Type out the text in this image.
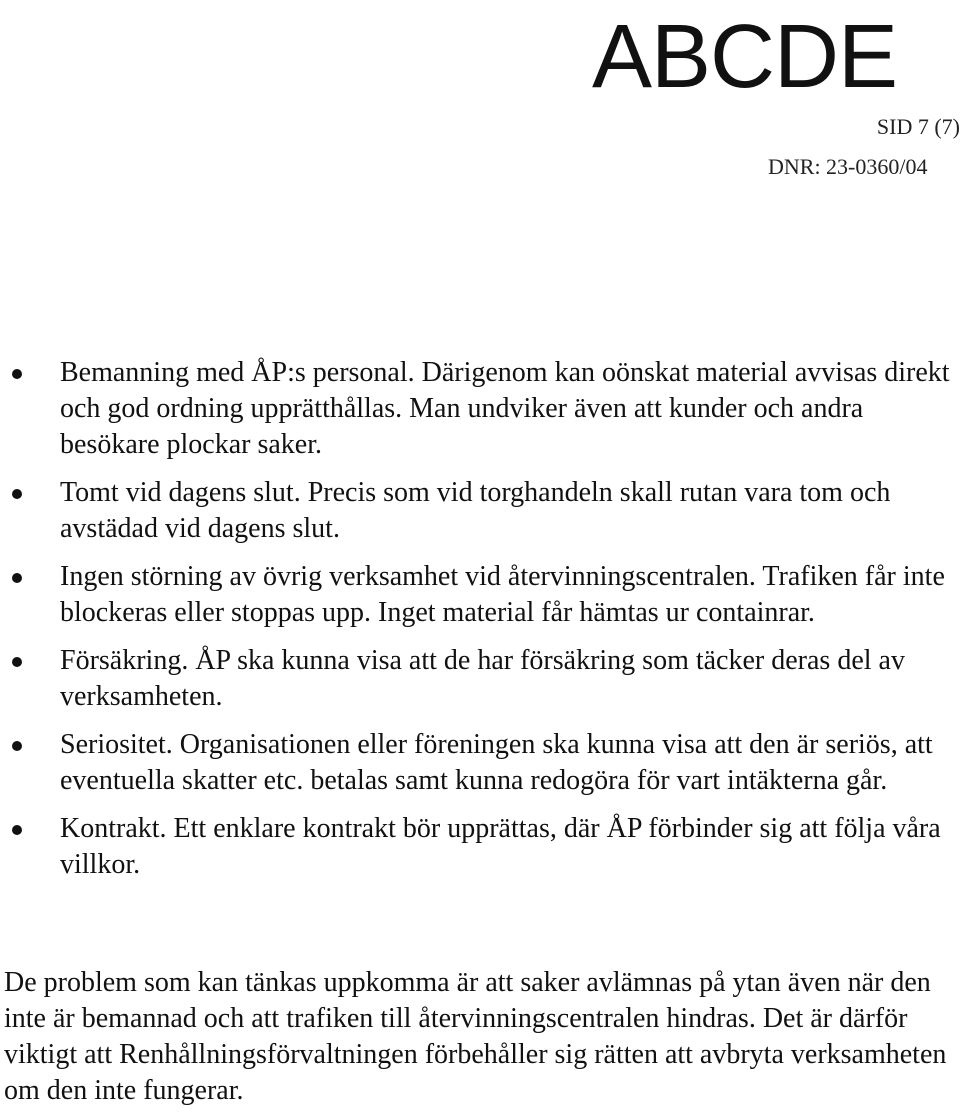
ABCDE
SID 7 (7)
DNR: 23-0360/04
Bemanning med ÅP:s personal. Därigenom kan oönskat material avvisas direkt och god ordning upprätthållas. Man undviker även att kunder och andra besökare plockar saker.
Tomt vid dagens slut. Precis som vid torghandeln skall rutan vara tom och avstädad vid dagens slut.
Ingen störning av övrig verksamhet vid återvinningscentralen. Trafiken får inte blockeras eller stoppas upp. Inget material får hämtas ur containrar.
Försäkring. ÅP ska kunna visa att de har försäkring som täcker deras del av verksamheten.
Seriositet. Organisationen eller föreningen ska kunna visa att den är seriös, att eventuella skatter etc. betalas samt kunna redogöra för vart intäkterna går.
Kontrakt. Ett enklare kontrakt bör upprättas, där ÅP förbinder sig att följa våra villkor.

De problem som kan tänkas uppkomma är att saker avlämnas på ytan även när den inte är bemannad och att trafiken till återvinningscentralen hindras. Det är därför viktigt att Renhållningsförvaltningen förbehåller sig rätten att avbryta verksamheten om den inte fungerar.
